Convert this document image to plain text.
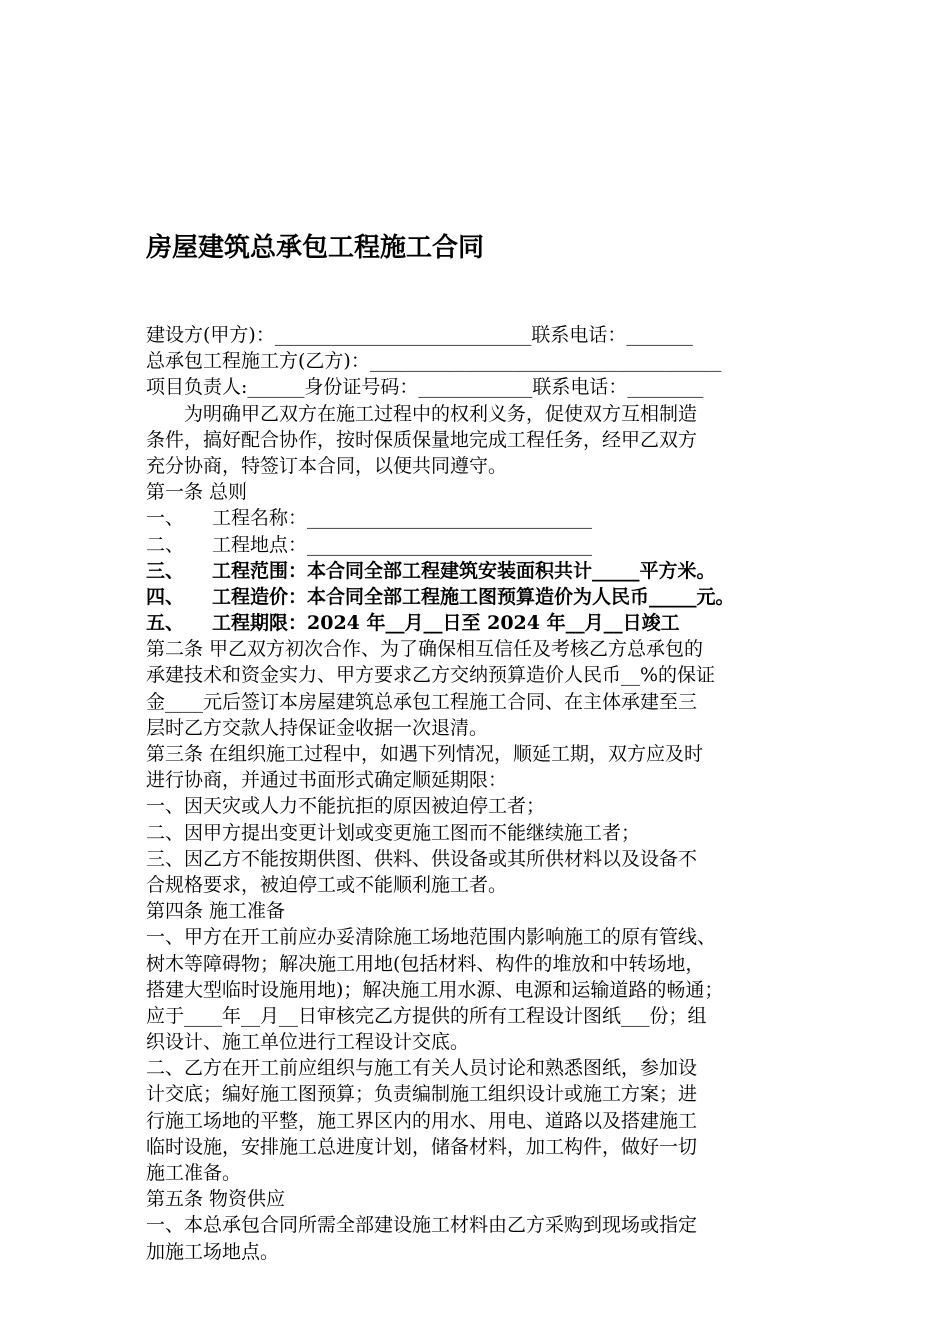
房屋建筑总承包工程施工合同
建设方(甲方)：___________________________联系电话：_______
总承包工程施工方(乙方)：_____________________________________
项目负责人:______身份证号码：____________联系电话：________
为明确甲乙双方在施工过程中的权利义务，促使双方互相制造
条件，搞好配合协作，按时保质保量地完成工程任务，经甲乙双方
充分协商，特签订本合同，以便共同遵守。
第一条 总则
一、 工程名称：______________________________
二、 工程地点：______________________________
三、 工程范围：本合同全部工程建筑安装面积共计_____平方米。
四、 工程造价：本合同全部工程施工图预算造价为人民币_____元。
五、 工程期限：2024 年__月__日至 2024 年__月__日竣工
第二条 甲乙双方初次合作、为了确保相互信任及考核乙方总承包的
承建技术和资金实力、甲方要求乙方交纳预算造价人民币__%的保证
金____元后签订本房屋建筑总承包工程施工合同、在主体承建至三
层时乙方交款人持保证金收据一次退清。
第三条 在组织施工过程中，如遇下列情况，顺延工期，双方应及时
进行协商，并通过书面形式确定顺延期限：
一、因天灾或人力不能抗拒的原因被迫停工者；
二、因甲方提出变更计划或变更施工图而不能继续施工者；
三、因乙方不能按期供图、供料、供设备或其所供材料以及设备不
合规格要求，被迫停工或不能顺利施工者。
第四条 施工准备
一、甲方在开工前应办妥清除施工场地范围内影响施工的原有管线、
树木等障碍物；解决施工用地(包括材料、构件的堆放和中转场地，
搭建大型临时设施用地)；解决施工用水源、电源和运输道路的畅通；
应于____年__月__日审核完乙方提供的所有工程设计图纸___份；组
织设计、施工单位进行工程设计交底。
二、乙方在开工前应组织与施工有关人员讨论和熟悉图纸，参加设
计交底；编好施工图预算；负责编制施工组织设计或施工方案；进
行施工场地的平整，施工界区内的用水、用电、道路以及搭建施工
临时设施，安排施工总进度计划，储备材料，加工构件，做好一切
施工准备。
第五条 物资供应
一、本总承包合同所需全部建设施工材料由乙方采购到现场或指定
加施工场地点。
